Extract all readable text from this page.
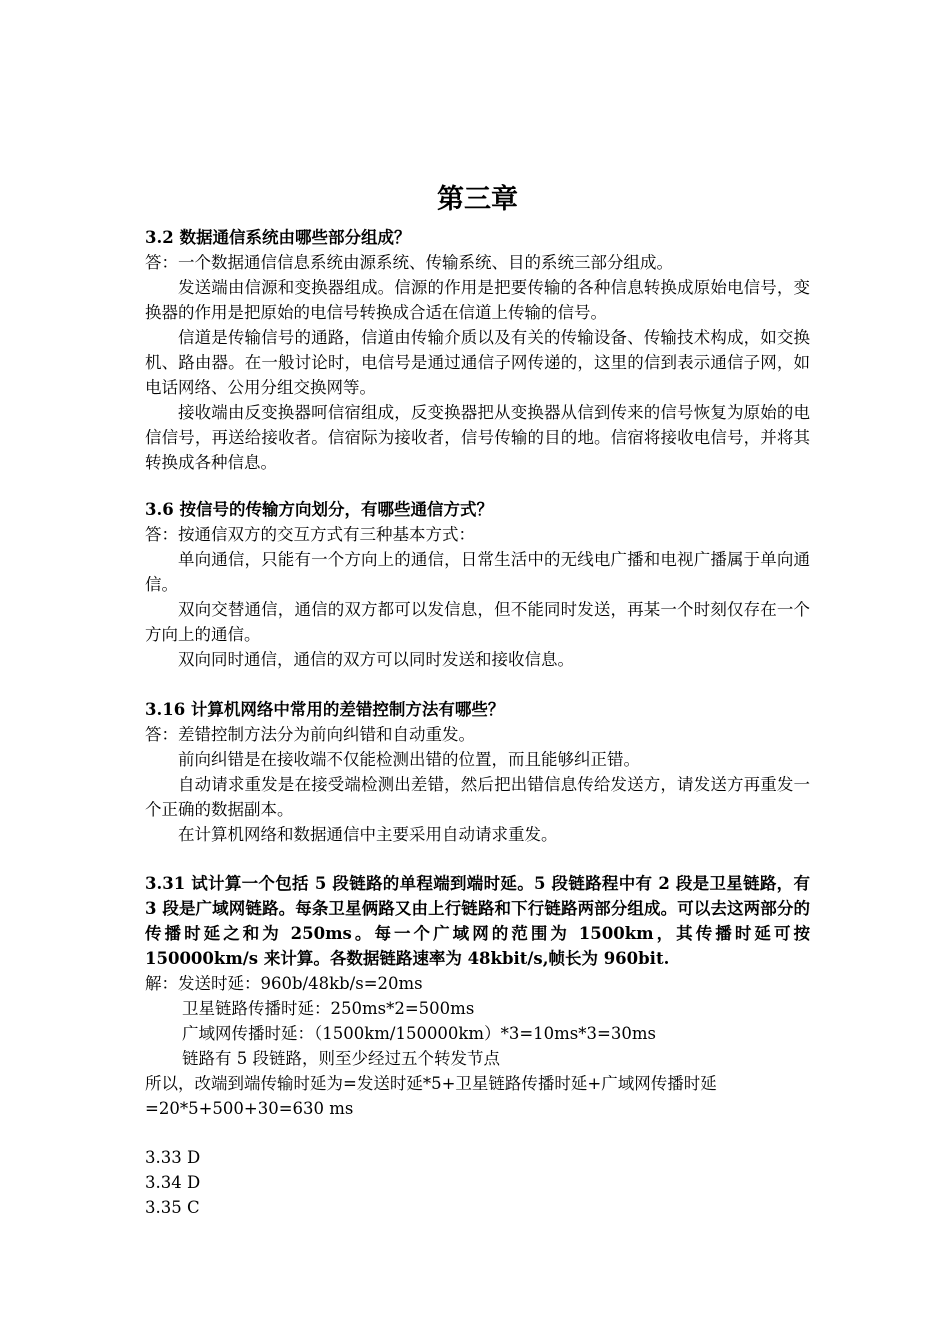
第三章

3.2 数据通信系统由哪些部分组成？

答：一个数据通信信息系统由源系统、传输系统、目的系统三部分组成。

发送端由信源和变换器组成。信源的作用是把要传输的各种信息转换成原始电信号，变换器的作用是把原始的电信号转换成合适在信道上传输的信号。

信道是传输信号的通路，信道由传输介质以及有关的传输设备、传输技术构成，如交换机、路由器。在一般讨论时，电信号是通过通信子网传递的，这里的信到表示通信子网，如电话网络、公用分组交换网等。

接收端由反变换器呵信宿组成，反变换器把从变换器从信到传来的信号恢复为原始的电信信号，再送给接收者。信宿际为接收者，信号传输的目的地。信宿将接收电信号，并将其转换成各种信息。

3.6 按信号的传输方向划分，有哪些通信方式？

答：按通信双方的交互方式有三种基本方式：

单向通信，只能有一个方向上的通信，日常生活中的无线电广播和电视广播属于单向通信。

双向交替通信，通信的双方都可以发信息，但不能同时发送，再某一个时刻仅存在一个方向上的通信。

双向同时通信，通信的双方可以同时发送和接收信息。

3.16 计算机网络中常用的差错控制方法有哪些？

答：差错控制方法分为前向纠错和自动重发。

前向纠错是在接收端不仅能检测出错的位置，而且能够纠正错。

自动请求重发是在接受端检测出差错，然后把出错信息传给发送方，请发送方再重发一个正确的数据副本。

在计算机网络和数据通信中主要采用自动请求重发。

3.31 试计算一个包括 5 段链路的单程端到端时延。5 段链路程中有 2 段是卫星链路，有 3 段是广域网链路。每条卫星俩路又由上行链路和下行链路两部分组成。可以去这两部分的传播时延之和为 250ms。每一个广域网的范围为 1500km，其传播时延可按 150000km/s 来计算。各数据链路速率为 48kbit/s,帧长为 960bit.

解：发送时延：960b/48kb/s=20ms

卫星链路传播时延：250ms*2=500ms

广域网传播时延：（1500km/150000km）*3=10ms*3=30ms

链路有 5 段链路，则至少经过五个转发节点

所以，改端到端传输时延为=发送时延*5+卫星链路传播时延+广域网传播时延=20*5+500+30=630 ms

3.33 D

3.34 D

3.35 C
